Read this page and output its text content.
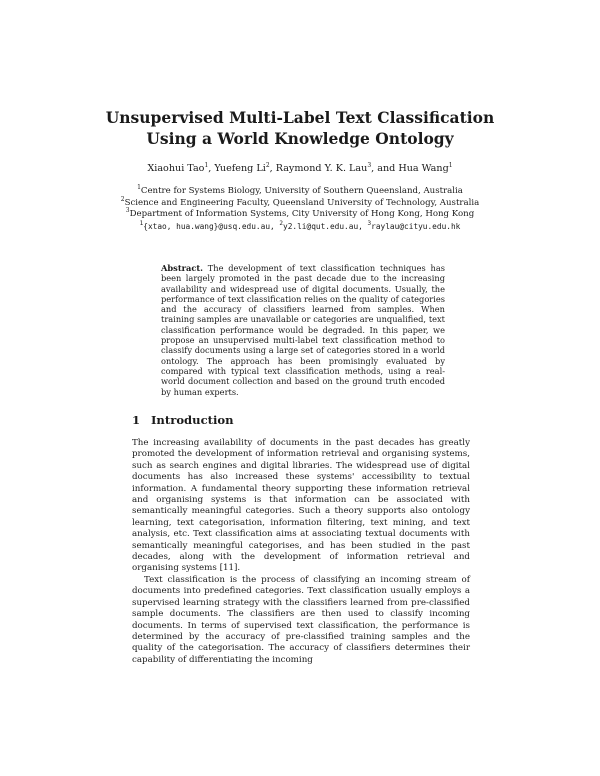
Unsupervised Multi-Label Text Classification
Using a World Knowledge Ontology
Xiaohui Tao$^1$, Yuefeng Li$^2$, Raymond Y. K. Lau$^3$, and Hua Wang$^1$
$^1$Centre for Systems Biology, University of Southern Queensland, Australia
$^2$Science and Engineering Faculty, Queensland University of Technology, Australia
$^3$Department of Information Systems, City University of Hong Kong, Hong Kong
$^1${xtao, hua.wang}@usq.edu.au, $^2$y2.li@qut.edu.au, $^3$raylau@cityu.edu.hk
Abstract. The development of text classification techniques has been largely promoted in the past decade due to the increasing availability and widespread use of digital documents. Usually, the performance of text classification relies on the quality of categories and the accuracy of classifiers learned from samples. When training samples are unavailable or categories are unqualified, text classification performance would be degraded. In this paper, we propose an unsupervised multi-label text classification method to classify documents using a large set of categories stored in a world ontology. The approach has been promisingly evaluated by compared with typical text classification methods, using a real-world document collection and based on the ground truth encoded by human experts.
1 Introduction

The increasing availability of documents in the past decades has greatly promoted the development of information retrieval and organising systems, such as search engines and digital libraries. The widespread use of digital documents has also increased these systems' accessibility to textual information. A fundamental theory supporting these information retrieval and organising systems is that information can be associated with semantically meaningful categories. Such a theory supports also ontology learning, text categorisation, information filtering, text mining, and text analysis, etc. Text classification aims at associating textual documents with semantically meaningful categorises, and has been studied in the past decades, along with the development of information retrieval and organising systems [11].

Text classification is the process of classifying an incoming stream of documents into predefined categories. Text classification usually employs a supervised learning strategy with the classifiers learned from pre-classified sample documents. The classifiers are then used to classify incoming documents. In terms of supervised text classification, the performance is determined by the accuracy of pre-classified training samples and the quality of the categorisation. The accuracy of classifiers determines their capability of differentiating the incoming
